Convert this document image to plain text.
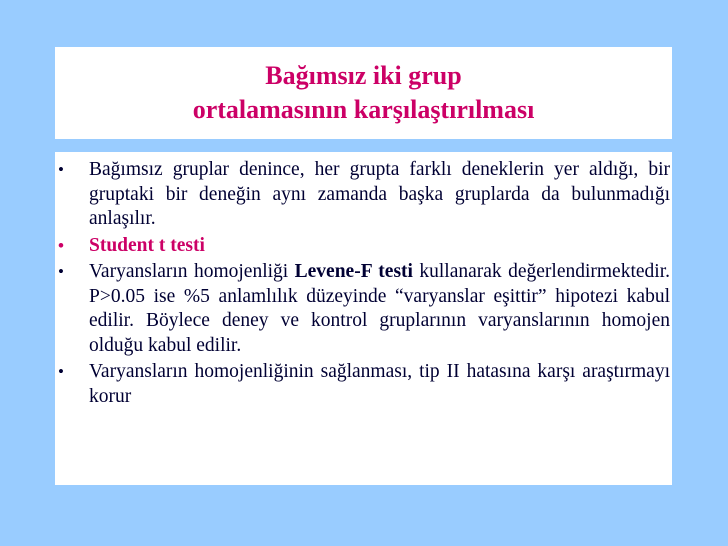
Bağımsız iki grup
ortalamasının karşılaştırılması
• Bağımsız gruplar denince, her grupta farklı deneklerin yer aldığı, bir gruptaki bir deneğin aynı zamanda başka gruplarda da bulunmadığı anlaşılır.
• Student t testi
• Varyansların homojenliği Levene-F testi kullanarak değerlendirmektedir. P>0.05 ise %5 anlamlılık düzeyinde “varyanslar eşittir” hipotezi kabul edilir. Böylece deney ve kontrol gruplarının varyanslarının homojen olduğu kabul edilir.
• Varyansların homojenliğinin sağlanması, tip II hatasına karşı araştırmayı korur
